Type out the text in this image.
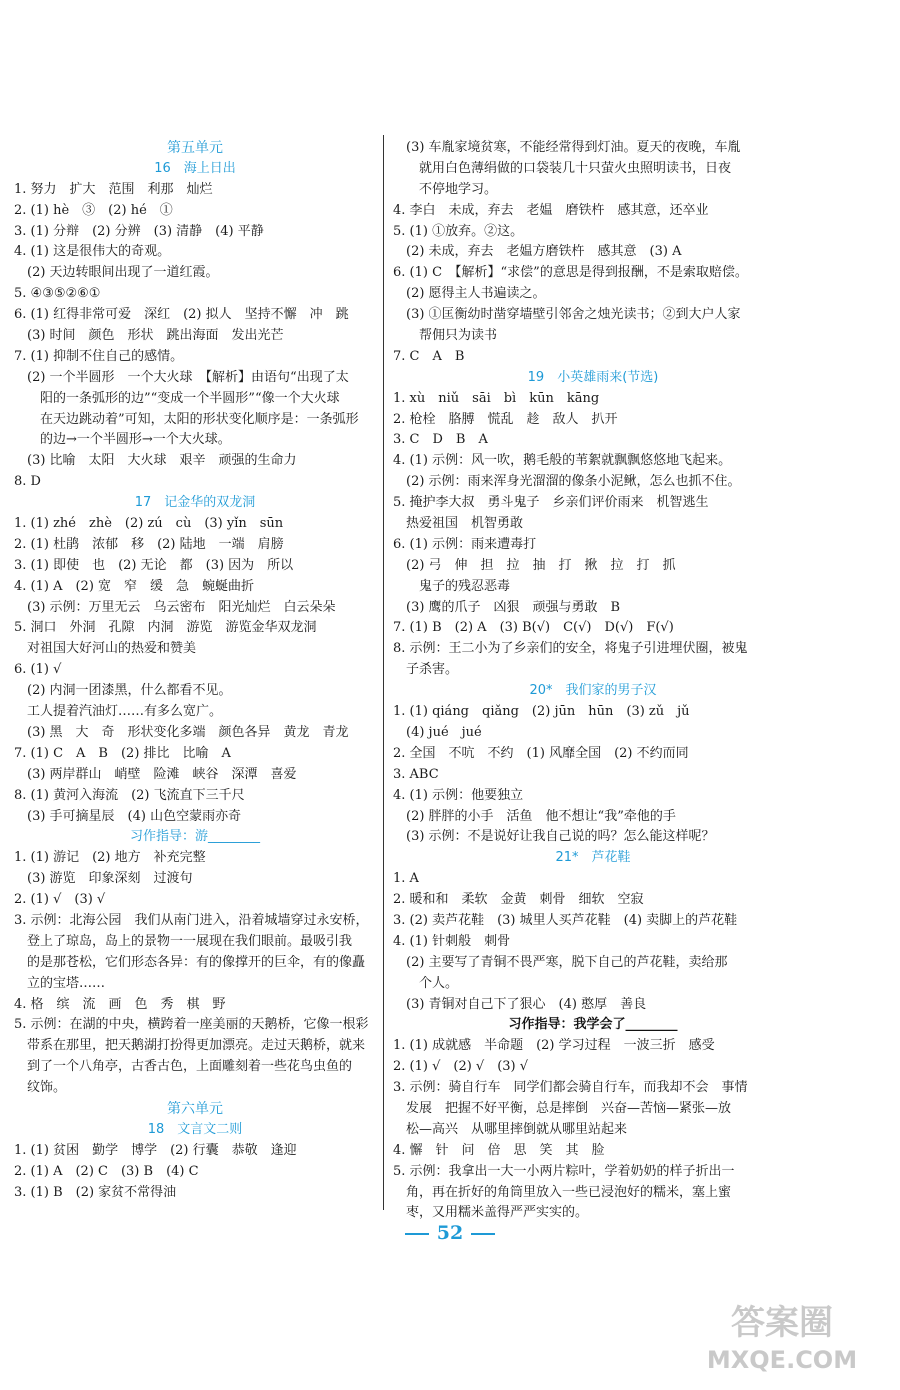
第五单元
16　海上日出
1. 努力　扩大　范围　利那　灿烂
2. (1) hè　③　(2) hé　①
3. (1) 分辩　(2) 分辨　(3) 清静　(4) 平静
4. (1) 这是很伟大的奇观。
(2) 天边转眼间出现了一道红霞。
5. ④③⑤②⑥①
6. (1) 红得非常可爱　深红　(2) 拟人　坚持不懈　冲　跳
(3) 时间　颜色　形状　跳出海面　发出光芒
7. (1) 抑制不住自己的感情。
(2) 一个半圆形　一个大火球　【解析】由语句“出现了太
阳的一条弧形的边”“变成一个半圆形”“像一个大火球
在天边跳动着”可知，太阳的形状变化顺序是：一条弧形
的边→一个半圆形→一个大火球。
(3) 比喻　太阳　大火球　艰辛　顽强的生命力
8. D
17　记金华的双龙洞
1. (1) zhé　zhè　(2) zú　cù　(3) yǐn　sūn
2. (1) 杜鹃　浓郁　移　(2) 陆地　一端　肩膀
3. (1) 即使　也　(2) 无论　都　(3) 因为　所以
4. (1) A　(2) 宽　窄　缓　急　蜿蜒曲折
(3) 示例：万里无云　乌云密布　阳光灿烂　白云朵朵
5. 洞口　外洞　孔隙　内洞　游览　游览金华双龙洞
对祖国大好河山的热爱和赞美
6. (1) √
(2) 内洞一团漆黑，什么都看不见。
工人提着汽油灯……有多么宽广。
(3) 黑　大　奇　形状变化多端　颜色各异　黄龙　青龙
7. (1) C　A　B　(2) 排比　比喻　A
(3) 两岸群山　峭壁　险滩　峡谷　深潭　喜爱
8. (1) 黄河入海流　(2) 飞流直下三千尺
(3) 手可摘星辰　(4) 山色空蒙雨亦奇
习作指导：游________
1. (1) 游记　(2) 地方　补充完整
(3) 游览　印象深刻　过渡句
2. (1) √　(3) √
3. 示例：北海公园　我们从南门进入，沿着城墙穿过永安桥，
登上了琼岛，岛上的景物一一展现在我们眼前。最吸引我
的是那苍松，它们形态各异：有的像撑开的巨伞，有的像矗
立的宝塔……
4. 格　缤　流　画　色　秀　棋　野
5. 示例：在湖的中央，横跨着一座美丽的天鹅桥，它像一根彩
带系在那里，把天鹅湖打扮得更加漂亮。走过天鹅桥，就来
到了一个八角亭，古香古色，上面雕刻着一些花鸟虫鱼的
纹饰。
第六单元
18　文言文二则
1. (1) 贫困　勤学　博学　(2) 行囊　恭敬　逢迎
2. (1) A　(2) C　(3) B　(4) C
3. (1) B　(2) 家贫不常得油
(3) 车胤家境贫寒，不能经常得到灯油。夏天的夜晚，车胤
就用白色薄绢做的口袋装几十只萤火虫照明读书，日夜
不停地学习。
4. 李白　未成，弃去　老媪　磨铁杵　感其意，还卒业
5. (1) ①放弃。②这。
(2) 未成，弃去　老媪方磨铁杵　感其意　(3) A
6. (1) C　【解析】“求偿”的意思是得到报酬，不是索取赔偿。
(2) 愿得主人书遍读之。
(3) ①匡衡幼时凿穿墙壁引邻舍之烛光读书；②到大户人家
帮佣只为读书
7. C　A　B
19　小英雄雨来(节选)
1. xù　niǔ　sāi　bì　kūn　kāng
2. 枪栓　胳膊　慌乱　趁　敌人　扒开
3. C　D　B　A
4. (1) 示例：风一吹，鹅毛般的苇絮就飘飘悠悠地飞起来。
(2) 示例：雨来浑身光溜溜的像条小泥鳅，怎么也抓不住。
5. 掩护李大叔　勇斗鬼子　乡亲们评价雨来　机智逃生
热爱祖国　机智勇敢
6. (1) 示例：雨来遭毒打
(2) 弓　伸　担　拉　抽　打　揪　拉　打　抓
鬼子的残忍恶毒
(3) 鹰的爪子　凶狠　顽强与勇敢　B
7. (1) B　(2) A　(3) B(√)　C(√)　D(√)　F(√)
8. 示例：王二小为了乡亲们的安全，将鬼子引进埋伏圈，被鬼
子杀害。
20*　我们家的男子汉
1. (1) qiáng　qiǎng　(2) jūn　hūn　(3) zǔ　jǔ
(4) jué　jué
2. 全国　不吭　不约　(1) 风靡全国　(2) 不约而同
3. ABC
4. (1) 示例：他要独立
(2) 胖胖的小手　活鱼　他不想让“我”牵他的手
(3) 示例：不是说好让我自己说的吗？怎么能这样呢？
21*　芦花鞋
1. A
2. 暖和和　柔软　金黄　刺骨　细软　空寂
3. (2) 卖芦花鞋　(3) 城里人买芦花鞋　(4) 卖脚上的芦花鞋
4. (1) 针刺般　刺骨
(2) 主要写了青铜不畏严寒，脱下自己的芦花鞋，卖给那
个人。
(3) 青铜对自己下了狠心　(4) 憨厚　善良
习作指导：我学会了________
1. (1) 成就感　半命题　(2) 学习过程　一波三折　感受
2. (1) √　(2) √　(3) √
3. 示例：骑自行车　同学们都会骑自行车，而我却不会　事情
发展　把握不好平衡，总是摔倒　兴奋—苦恼—紧张—放
松—高兴　从哪里摔倒就从哪里站起来
4. 懈　针　问　倍　思　笑　其　脸
5. 示例：我拿出一大一小两片粽叶，学着奶奶的样子折出一
角，再在折好的角筒里放入一些已浸泡好的糯米，塞上蜜
枣，又用糯米盖得严严实实的。
52
答案圈
MXQE.COM
